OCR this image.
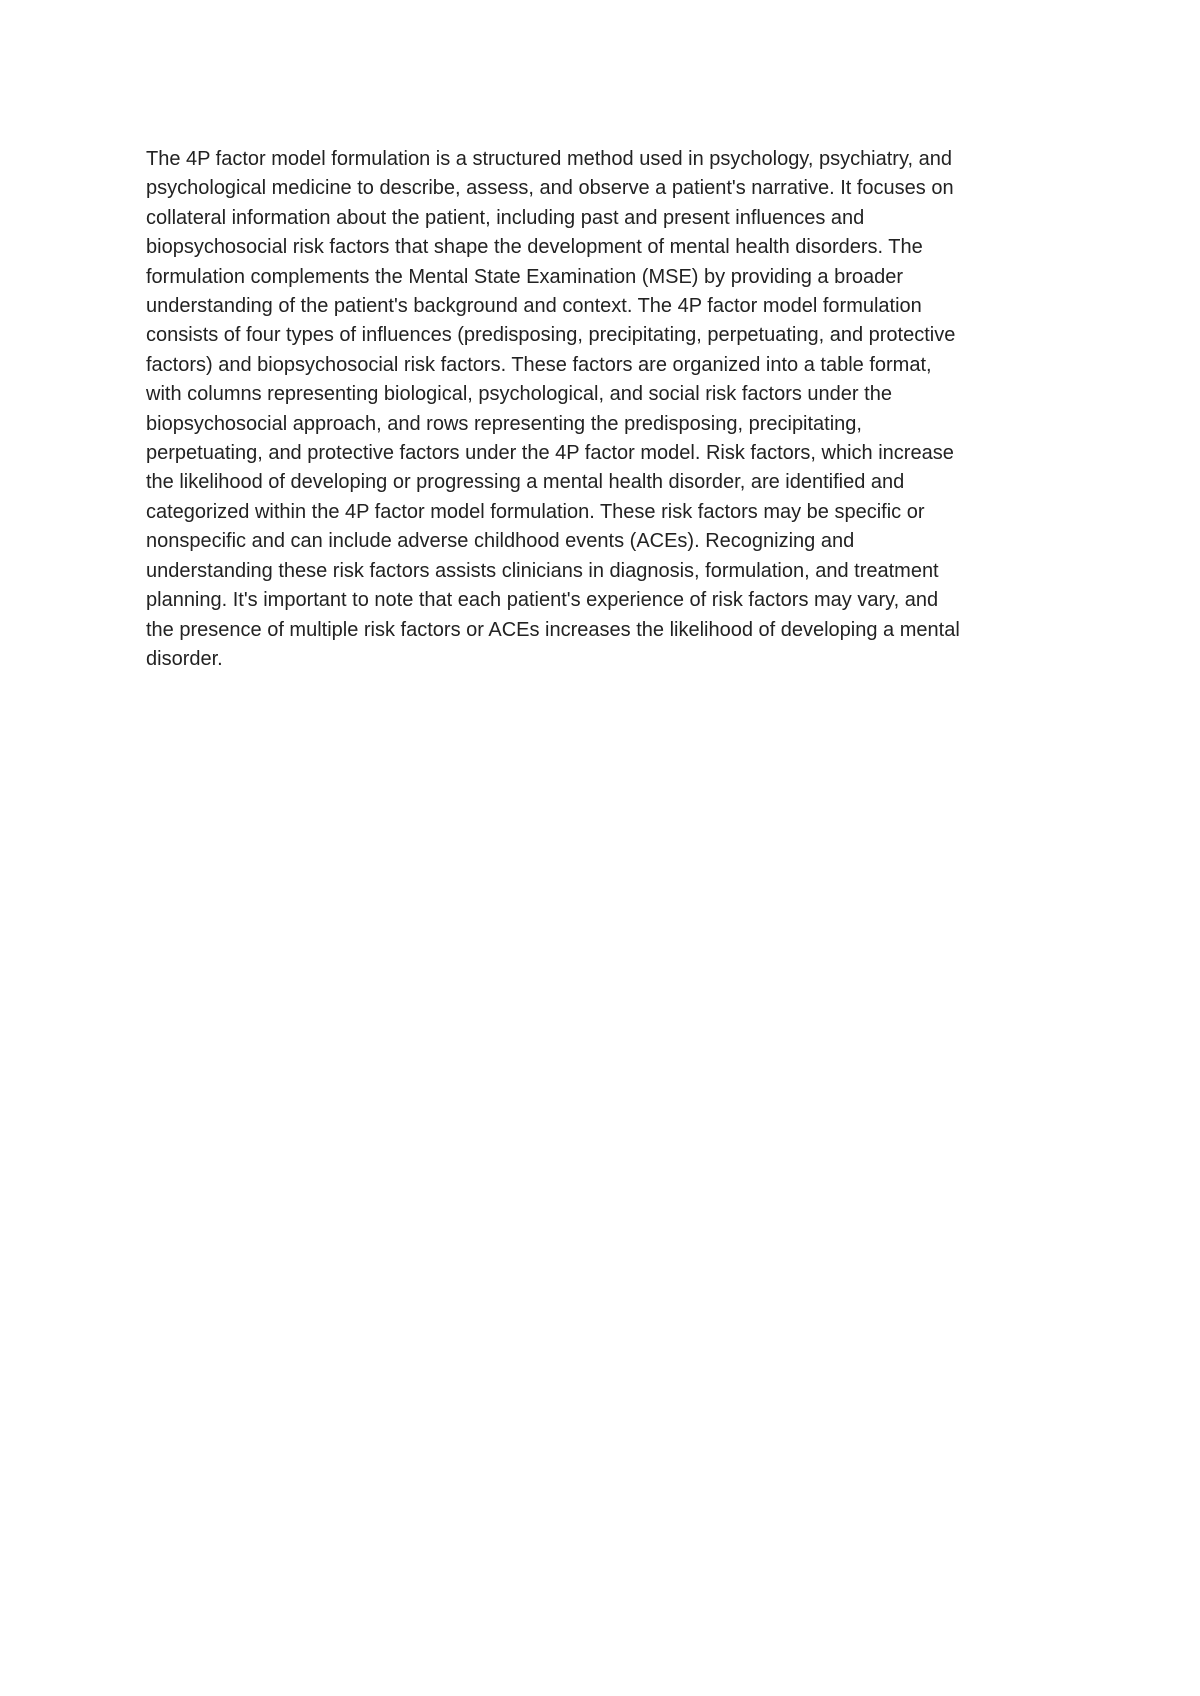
The 4P factor model formulation is a structured method used in psychology, psychiatry, and
psychological medicine to describe, assess, and observe a patient's narrative. It focuses on
collateral information about the patient, including past and present influences and
biopsychosocial risk factors that shape the development of mental health disorders. The
formulation complements the Mental State Examination (MSE) by providing a broader
understanding of the patient's background and context. The 4P factor model formulation
consists of four types of influences (predisposing, precipitating, perpetuating, and protective
factors) and biopsychosocial risk factors. These factors are organized into a table format,
with columns representing biological, psychological, and social risk factors under the
biopsychosocial approach, and rows representing the predisposing, precipitating,
perpetuating, and protective factors under the 4P factor model. Risk factors, which increase
the likelihood of developing or progressing a mental health disorder, are identified and
categorized within the 4P factor model formulation. These risk factors may be specific or
nonspecific and can include adverse childhood events (ACEs). Recognizing and
understanding these risk factors assists clinicians in diagnosis, formulation, and treatment
planning. It's important to note that each patient's experience of risk factors may vary, and
the presence of multiple risk factors or ACEs increases the likelihood of developing a mental
disorder.
